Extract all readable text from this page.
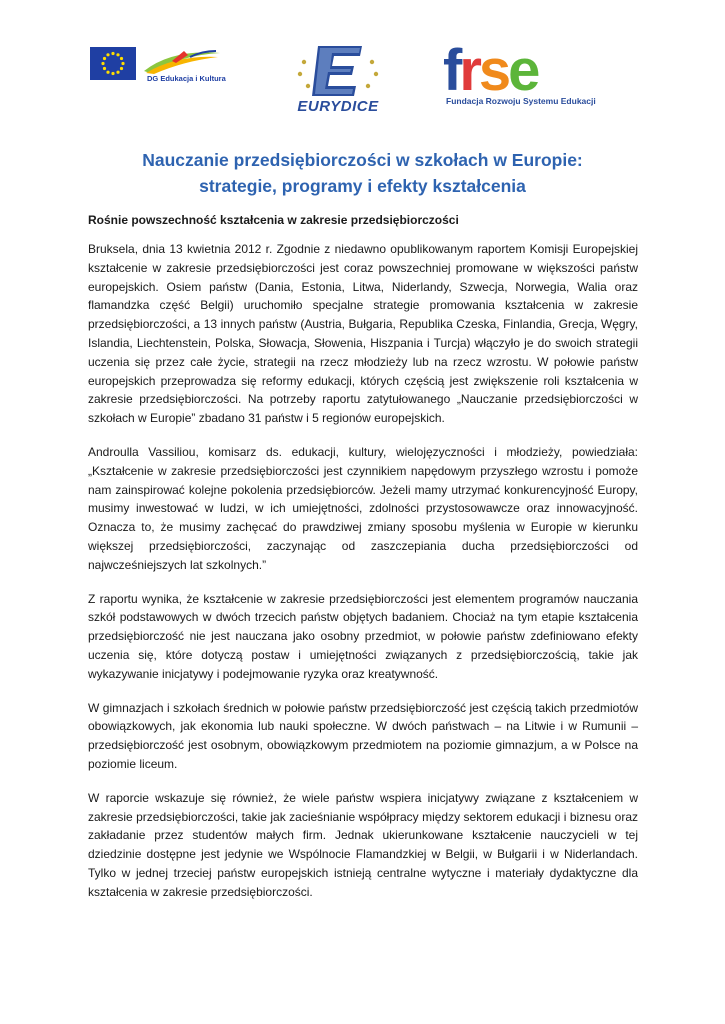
DG Edukacja i Kultura
EURYDICE
frse
Fundacja Rozwoju Systemu Edukacji
Nauczanie przedsiębiorczości w szkołach w Europie:
strategie, programy i efekty kształcenia
Rośnie powszechność kształcenia w zakresie przedsiębiorczości

Bruksela, dnia 13 kwietnia 2012 r. Zgodnie z niedawno opublikowanym raportem Komisji Europejskiej kształcenie w zakresie przedsiębiorczości jest coraz powszechniej promowane w większości państw europejskich. Osiem państw (Dania, Estonia, Litwa, Niderlandy, Szwecja, Norwegia, Walia oraz flamandzka część Belgii) uruchomiło specjalne strategie promowania kształcenia w zakresie przedsiębiorczości, a 13 innych państw (Austria, Bułgaria, Republika Czeska, Finlandia, Grecja, Węgry, Islandia, Liechtenstein, Polska, Słowacja, Słowenia, Hiszpania i Turcja) włączyło je do swoich strategii uczenia się przez całe życie, strategii na rzecz młodzieży lub na rzecz wzrostu. W połowie państw europejskich przeprowadza się reformy edukacji, których częścią jest zwiększenie roli kształcenia w zakresie przedsiębiorczości. Na potrzeby raportu zatytułowanego „Nauczanie przedsiębiorczości w szkołach w Europie” zbadano 31 państw i 5 regionów europejskich.

Androulla Vassiliou, komisarz ds. edukacji, kultury, wielojęzyczności i młodzieży, powiedziała: „Kształcenie w zakresie przedsiębiorczości jest czynnikiem napędowym przyszłego wzrostu i pomoże nam zainspirować kolejne pokolenia przedsiębiorców. Jeżeli mamy utrzymać konkurencyjność Europy, musimy inwestować w ludzi, w ich umiejętności, zdolności przystosowawcze oraz innowacyjność. Oznacza to, że musimy zachęcać do prawdziwej zmiany sposobu myślenia w Europie w kierunku większej przedsiębiorczości, zaczynając od zaszczepiania ducha przedsiębiorczości od najwcześniejszych lat szkolnych.”

Z raportu wynika, że kształcenie w zakresie przedsiębiorczości jest elementem programów nauczania szkół podstawowych w dwóch trzecich państw objętych badaniem. Chociaż na tym etapie kształcenia przedsiębiorczość nie jest nauczana jako osobny przedmiot, w połowie państw zdefiniowano efekty uczenia się, które dotyczą postaw i umiejętności związanych z przedsiębiorczością, takie jak wykazywanie inicjatywy i podejmowanie ryzyka oraz kreatywność.

W gimnazjach i szkołach średnich w połowie państw przedsiębiorczość jest częścią takich przedmiotów obowiązkowych, jak ekonomia lub nauki społeczne. W dwóch państwach – na Litwie i w Rumunii – przedsiębiorczość jest osobnym, obowiązkowym przedmiotem na poziomie gimnazjum, a w Polsce na poziomie liceum.

W raporcie wskazuje się również, że wiele państw wspiera inicjatywy związane z kształceniem w zakresie przedsiębiorczości, takie jak zacieśnianie współpracy między sektorem edukacji i biznesu oraz zakładanie przez studentów małych firm. Jednak ukierunkowane kształcenie nauczycieli w tej dziedzinie dostępne jest jedynie we Wspólnocie Flamandzkiej w Belgii, w Bułgarii i w Niderlandach. Tylko w jednej trzeciej państw europejskich istnieją centralne wytyczne i materiały dydaktyczne dla kształcenia w zakresie przedsiębiorczości.
